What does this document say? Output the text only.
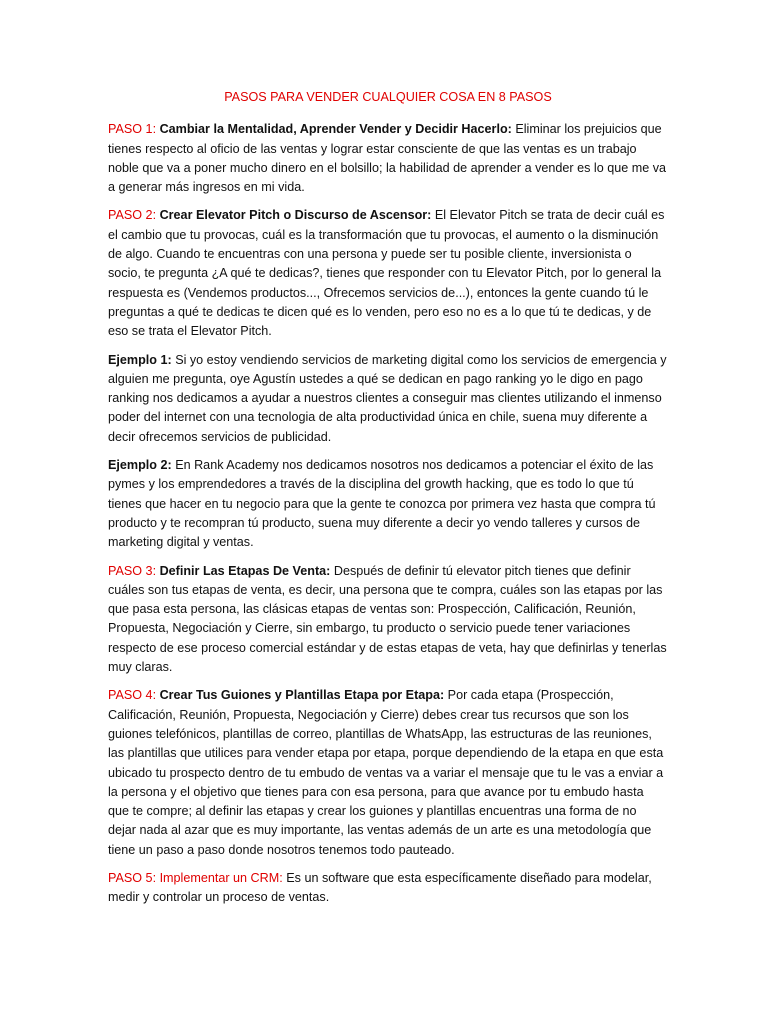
PASOS PARA VENDER CUALQUIER COSA EN 8 PASOS

PASO 1: Cambiar la Mentalidad, Aprender Vender y Decidir Hacerlo: Eliminar los prejuicios que tienes respecto al oficio de las ventas y lograr estar consciente de que las ventas es un trabajo noble que va a poner mucho dinero en el bolsillo; la habilidad de aprender a vender es lo que me va a generar más ingresos en mi vida.

PASO 2: Crear Elevator Pitch o Discurso de Ascensor: El Elevator Pitch se trata de decir cuál es el cambio que tu provocas, cuál es la transformación que tu provocas, el aumento o la disminución de algo. Cuando te encuentras con una persona y puede ser tu posible cliente, inversionista o socio, te pregunta ¿A qué te dedicas?, tienes que responder con tu Elevator Pitch, por lo general la respuesta es (Vendemos productos..., Ofrecemos servicios de...), entonces la gente cuando tú le preguntas a qué te dedicas te dicen qué es lo venden, pero eso no es a lo que tú te dedicas, y de eso se trata el Elevator Pitch.

Ejemplo 1: Si yo estoy vendiendo servicios de marketing digital como los servicios de emergencia y alguien me pregunta, oye Agustín ustedes a qué se dedican en pago ranking yo le digo en pago ranking nos dedicamos a ayudar a nuestros clientes a conseguir mas clientes utilizando el inmenso poder del internet con una tecnologia de alta productividad única en chile, suena muy diferente a decir ofrecemos servicios de publicidad.

Ejemplo 2: En Rank Academy nos dedicamos nosotros nos dedicamos a potenciar el éxito de las pymes y los emprendedores a través de la disciplina del growth hacking, que es todo lo que tú tienes que hacer en tu negocio para que la gente te conozca por primera vez hasta que compra tú producto y te recompran tú producto, suena muy diferente a decir yo vendo talleres y cursos de marketing digital y ventas.

PASO 3: Definir Las Etapas De Venta: Después de definir tú elevator pitch tienes que definir cuáles son tus etapas de venta, es decir, una persona que te compra, cuáles son las etapas por las que pasa esta persona, las clásicas etapas de ventas son: Prospección, Calificación, Reunión, Propuesta, Negociación y Cierre, sin embargo, tu producto o servicio puede tener variaciones respecto de ese proceso comercial estándar y de estas etapas de veta, hay que definirlas y tenerlas muy claras.

PASO 4: Crear Tus Guiones y Plantillas Etapa por Etapa: Por cada etapa (Prospección, Calificación, Reunión, Propuesta, Negociación y Cierre) debes crear tus recursos que son los guiones telefónicos, plantillas de correo, plantillas de WhatsApp, las estructuras de las reuniones, las plantillas que utilices para vender etapa por etapa, porque dependiendo de la etapa en que esta ubicado tu prospecto dentro de tu embudo de ventas va a variar el mensaje que tu le vas a enviar a la persona y el objetivo que tienes para con esa persona, para que avance por tu embudo hasta que te compre; al definir las etapas y crear los guiones y plantillas encuentras una forma de no dejar nada al azar que es muy importante, las ventas además de un arte es una metodología que tiene un paso a paso donde nosotros tenemos todo pauteado.

PASO 5: Implementar un CRM: Es un software que esta específicamente diseñado para modelar, medir y controlar un proceso de ventas.
